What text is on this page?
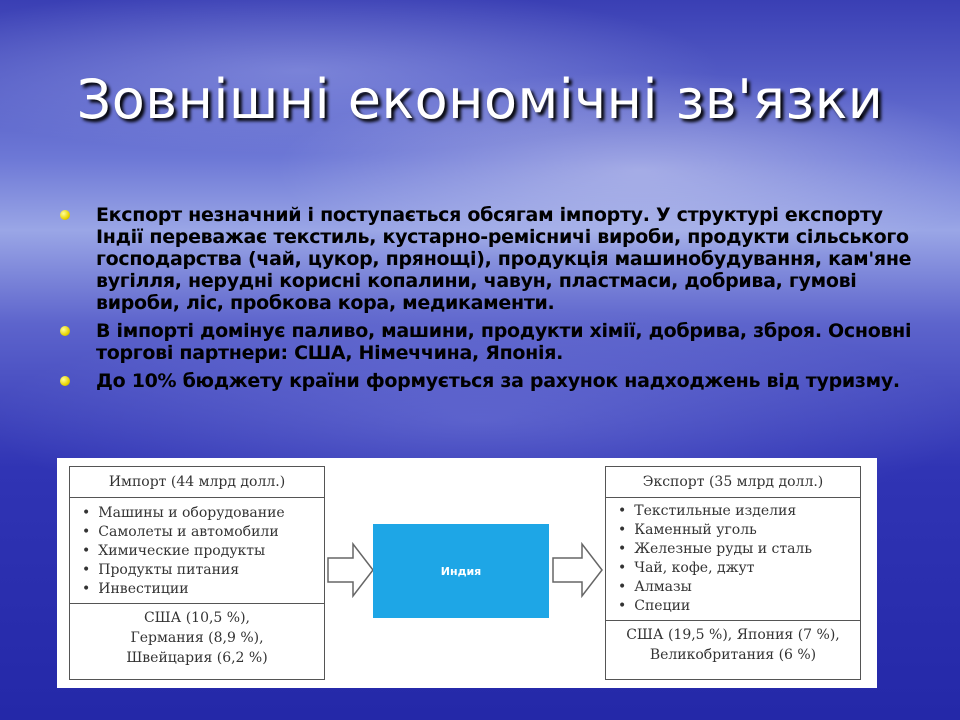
Зовнішні економічні зв'язки
Експорт незначний і поступається обсягам імпорту. У структурі експорту Індії переважає текстиль, кустарно-ремісничі вироби, продукти сільського господарства (чай, цукор, прянощі), продукція машинобудування, кам'яне вугілля, нерудні корисні копалини, чавун, пластмаси, добрива, гумові вироби, ліс, пробкова кора, медикаменти.
В імпорті домінує паливо, машини, продукти хімії, добрива, зброя. Основні торгові партнери: США, Німеччина, Японія.
До 10% бюджету країни формується за рахунок надходжень від туризму.
Импорт (44 млрд долл.)
• Машины и оборудование
• Самолеты и автомобили
• Химические продукты
• Продукты питания
• Инвестиции
США (10,5 %),
Германия (8,9 %),
Швейцария (6,2 %)
Индия
Экспорт (35 млрд долл.)
• Текстильные изделия
• Каменный уголь
• Железные руды и сталь
• Чай, кофе, джут
• Алмазы
• Специи
США (19,5 %), Япония (7 %),
Великобритания (6 %)
